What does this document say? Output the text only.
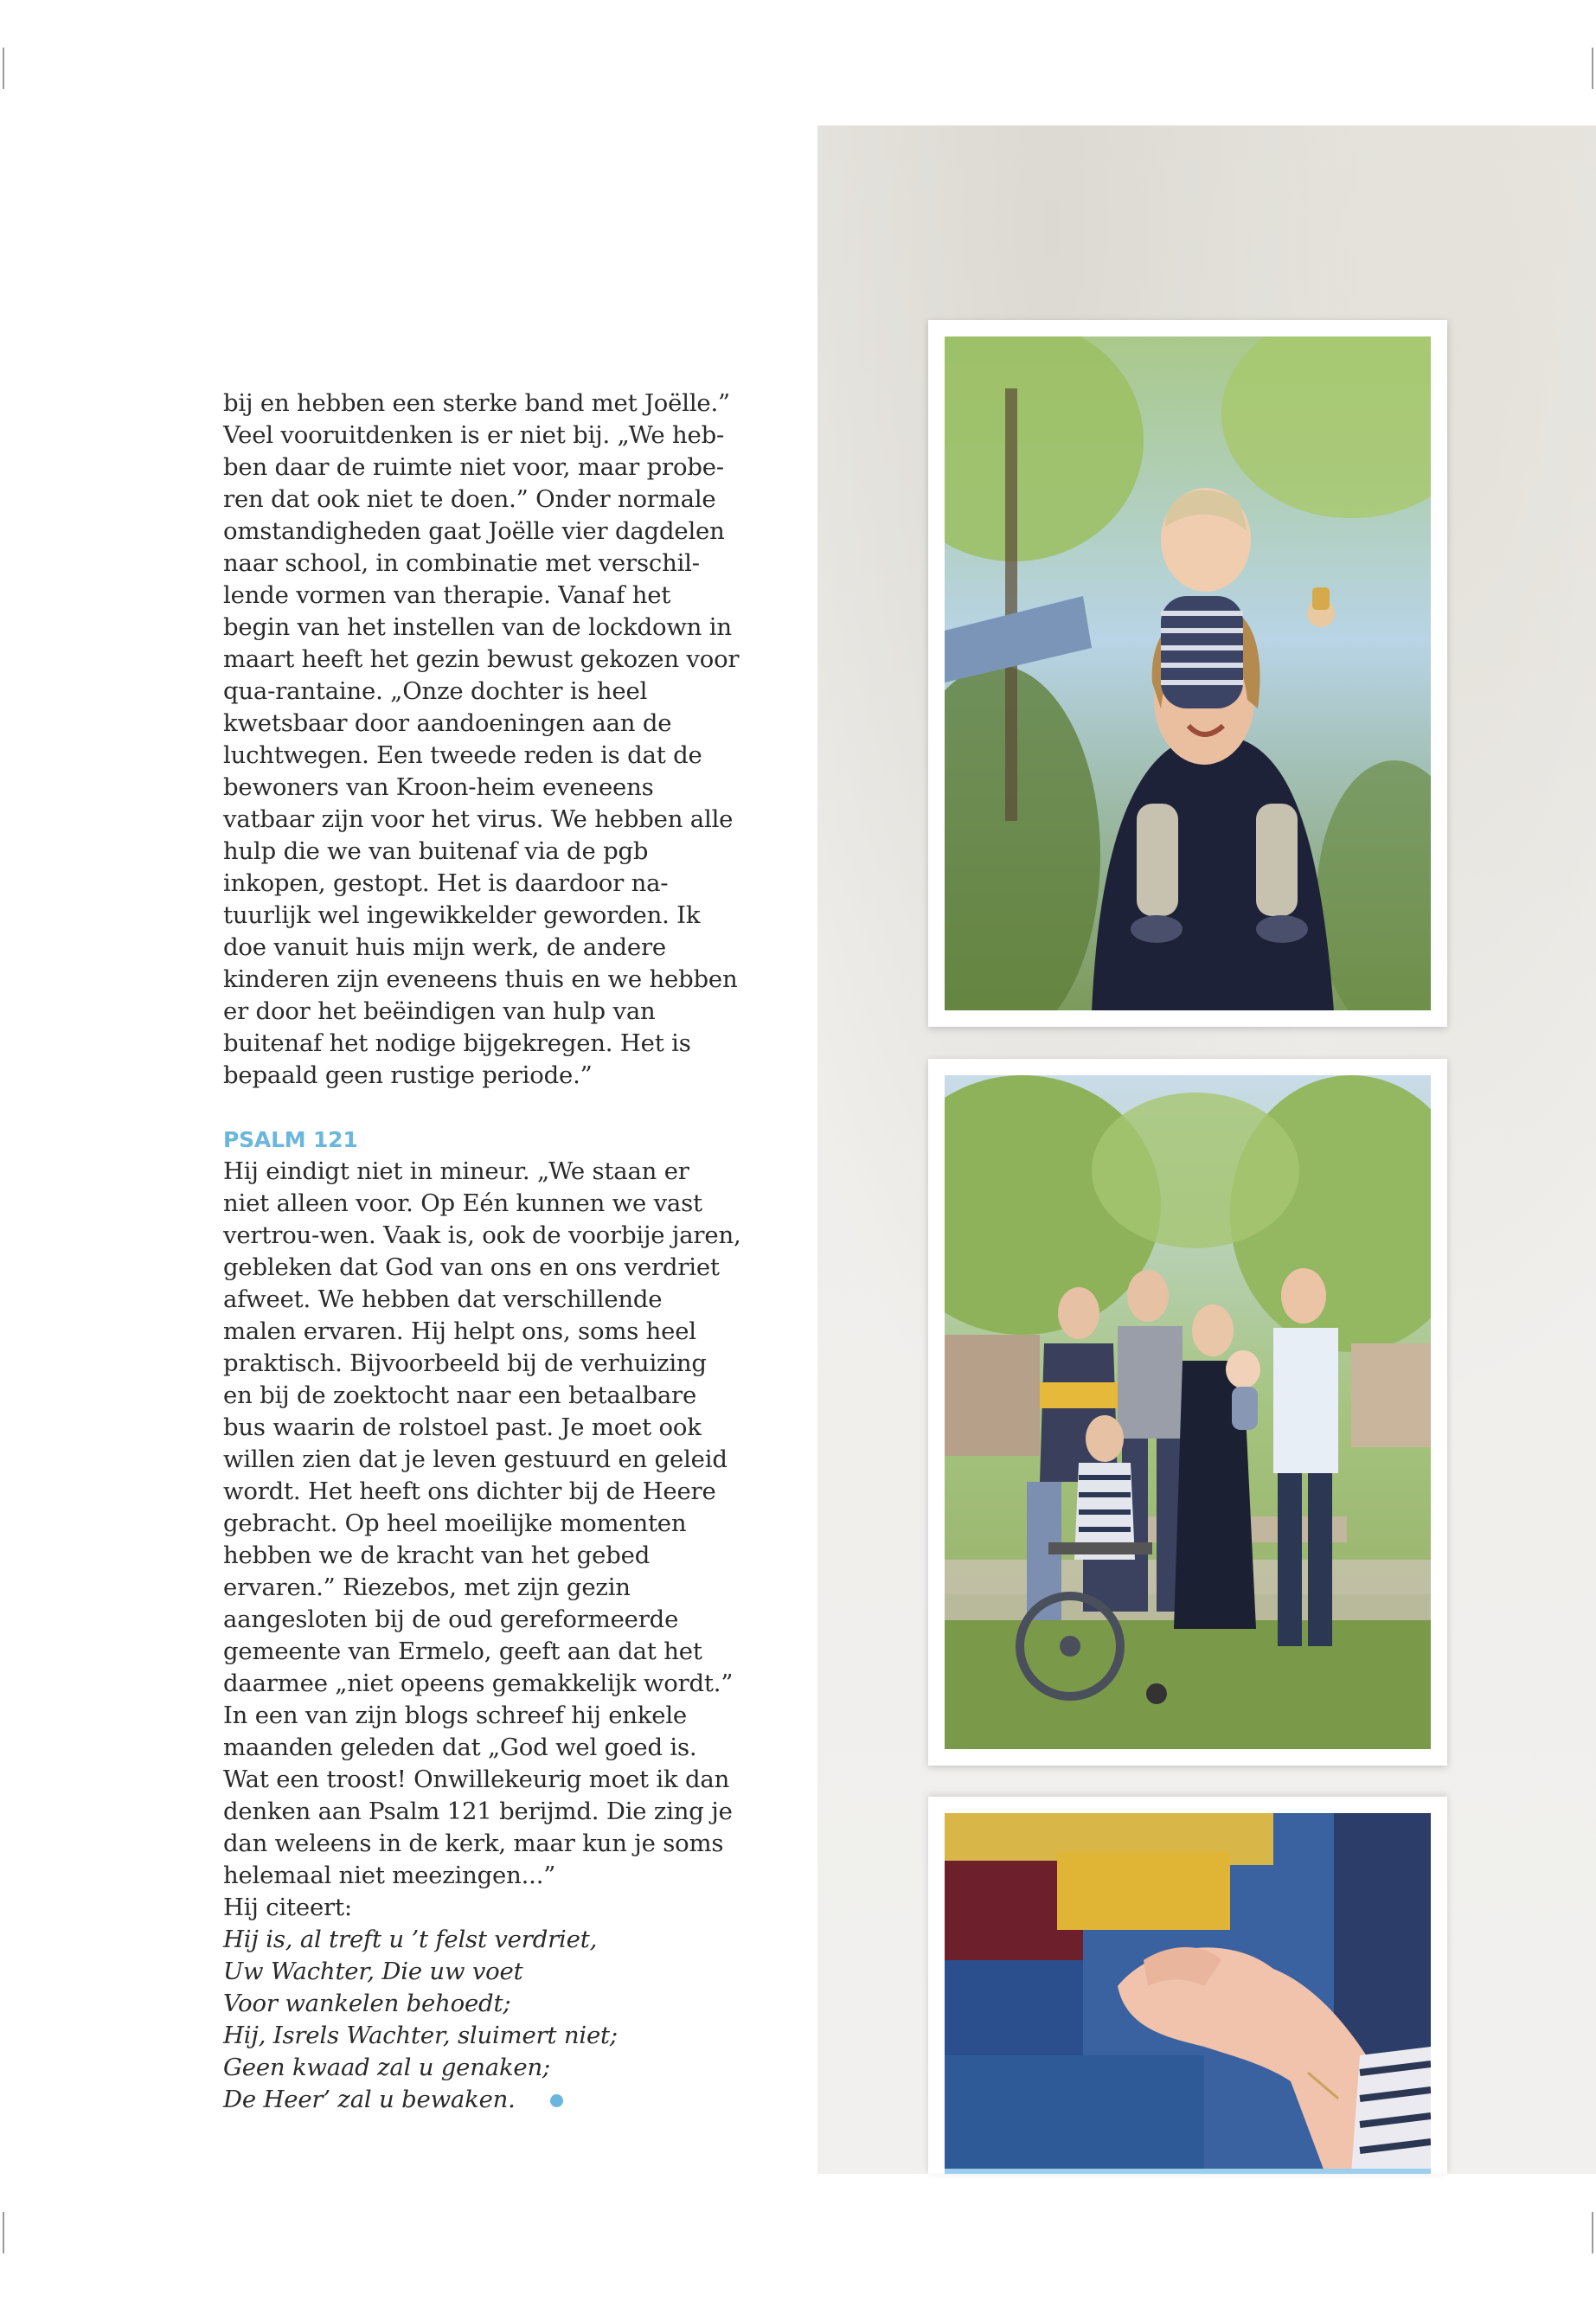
bij en hebben een sterke band met Joëlle.” Veel vooruitdenken is er niet bij. „We heb-ben daar de ruimte niet voor, maar probe-ren dat ook niet te doen.” Onder normale omstandigheden gaat Joëlle vier dagdelen naar school, in combinatie met verschil-lende vormen van therapie. Vanaf het begin van het instellen van de lockdown in maart heeft het gezin bewust gekozen voor qua-rantaine. „Onze dochter is heel kwetsbaar door aandoeningen aan de luchtwegen. Een tweede reden is dat de bewoners van Kroon-heim eveneens vatbaar zijn voor het virus. We hebben alle hulp die we van buitenaf via de pgb inkopen, gestopt. Het is daardoor na-tuurlijk wel ingewikkelder geworden. Ik doe vanuit huis mijn werk, de andere kinderen zijn eveneens thuis en we hebben er door het beëindigen van hulp van buitenaf het nodige bijgekregen. Het is bepaald geen rustige periode.”

PSALM 121

Hij eindigt niet in mineur. „We staan er niet alleen voor. Op Eén kunnen we vast vertrou-wen. Vaak is, ook de voorbije jaren, gebleken dat God van ons en ons verdriet afweet. We hebben dat verschillende malen ervaren. Hij helpt ons, soms heel praktisch. Bijvoorbeeld bij de verhuizing en bij de zoektocht naar een betaalbare bus waarin de rolstoel past. Je moet ook willen zien dat je leven gestuurd en geleid wordt. Het heeft ons dichter bij de Heere gebracht. Op heel moeilijke momenten hebben we de kracht van het gebed ervaren.” Riezebos, met zijn gezin aangesloten bij de oud gereformeerde gemeente van Ermelo, geeft aan dat het daarmee „niet opeens gemakkelijk wordt.” In een van zijn blogs schreef hij enkele maanden geleden dat „God wel goed is. Wat een troost! Onwillekeurig moet ik dan denken aan Psalm 121 berijmd. Die zing je dan weleens in de kerk, maar kun je soms helemaal niet meezingen...”

Hij citeert:

Hij is, al treft u ’t felst verdriet,
Uw Wachter, Die uw voet
Voor wankelen behoedt;
Hij, Isrels Wachter, sluimert niet;
Geen kwaad zal u genaken;
De Heer’ zal u bewaken.
